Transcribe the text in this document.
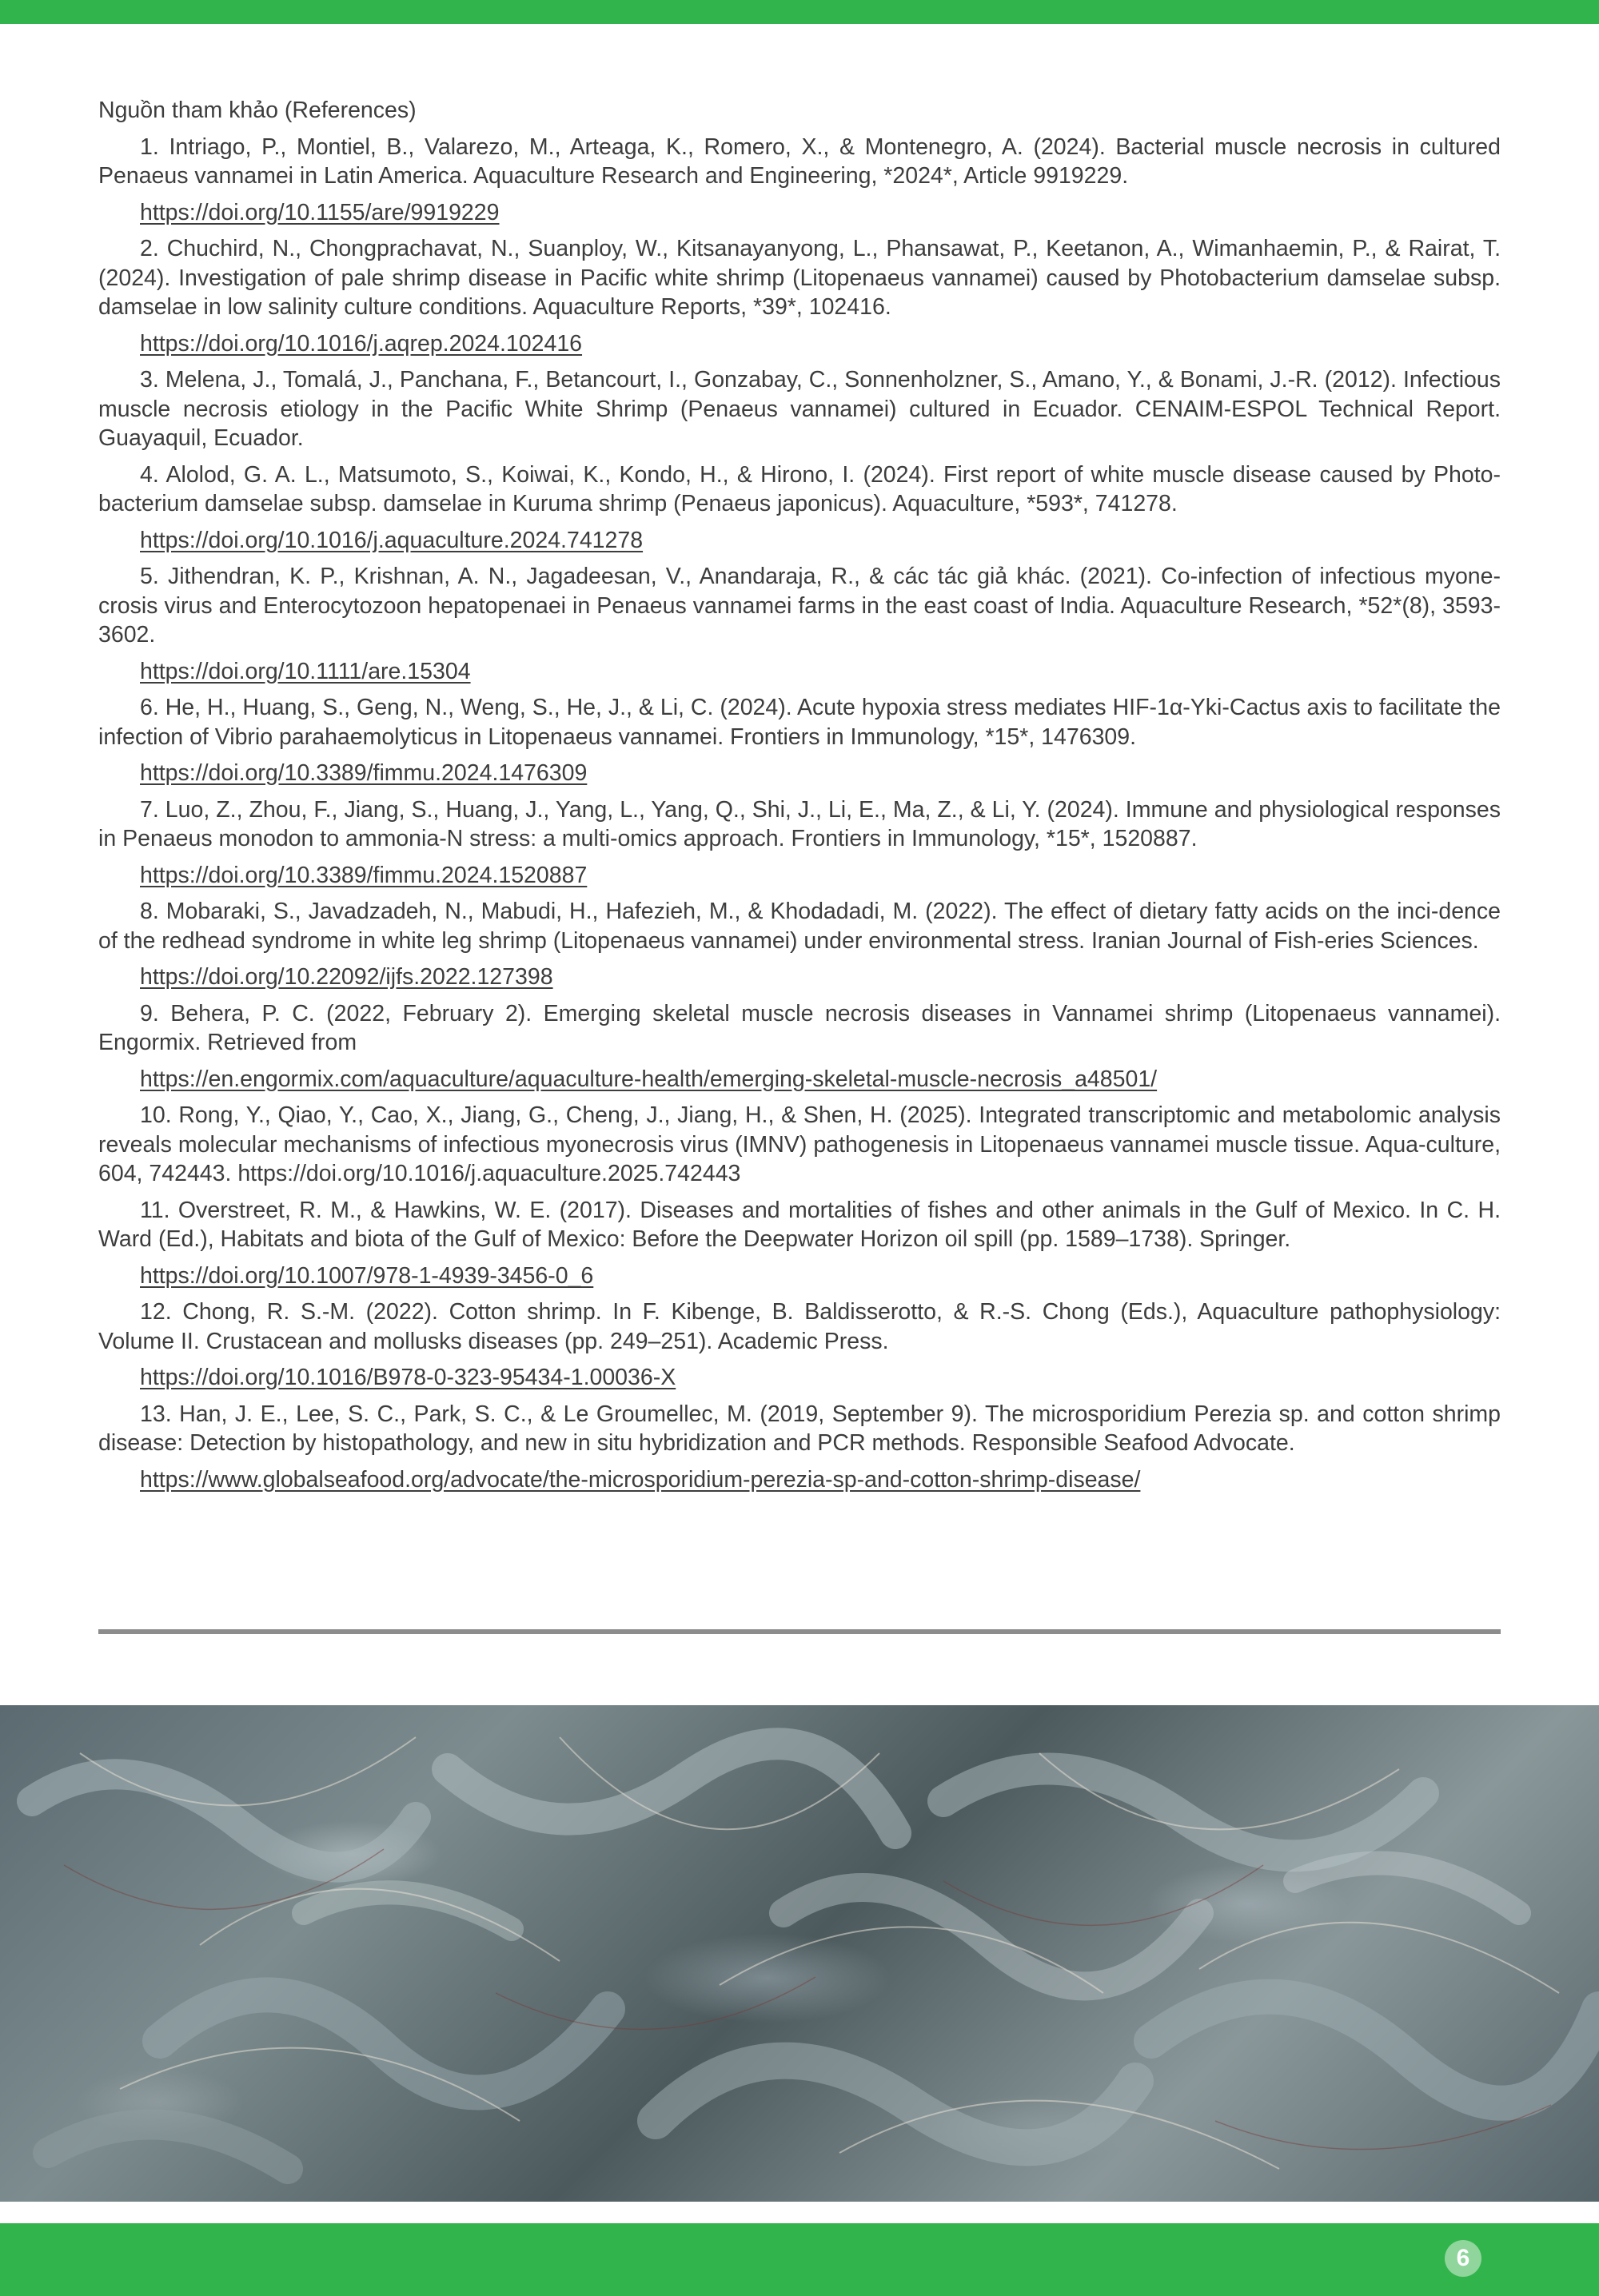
Nguồn tham khảo (References)

1. Intriago, P., Montiel, B., Valarezo, M., Arteaga, K., Romero, X., & Montenegro, A. (2024). Bacterial muscle necrosis in cultured Penaeus vannamei in Latin America. Aquaculture Research and Engineering, *2024*, Article 9919229.

https://doi.org/10.1155/are/9919229

2. Chuchird, N., Chongprachavat, N., Suanploy, W., Kitsanayanyong, L., Phansawat, P., Keetanon, A., Wimanhaemin, P., & Rairat, T. (2024). Investigation of pale shrimp disease in Pacific white shrimp (Litopenaeus vannamei) caused by Photobacterium damselae subsp. damselae in low salinity culture conditions. Aquaculture Reports, *39*, 102416.

https://doi.org/10.1016/j.aqrep.2024.102416

3. Melena, J., Tomalá, J., Panchana, F., Betancourt, I., Gonzabay, C., Sonnenholzner, S., Amano, Y., & Bonami, J.-R. (2012). Infectious muscle necrosis etiology in the Pacific White Shrimp (Penaeus vannamei) cultured in Ecuador. CENAIM-ESPOL Technical Report. Guayaquil, Ecuador.

4. Alolod, G. A. L., Matsumoto, S., Koiwai, K., Kondo, H., & Hirono, I. (2024). First report of white muscle disease caused by Photo-bacterium damselae subsp. damselae in Kuruma shrimp (Penaeus japonicus). Aquaculture, *593*, 741278.

https://doi.org/10.1016/j.aquaculture.2024.741278

5. Jithendran, K. P., Krishnan, A. N., Jagadeesan, V., Anandaraja, R., & các tác giả khác. (2021). Co-infection of infectious myone-crosis virus and Enterocytozoon hepatopenaei in Penaeus vannamei farms in the east coast of India. Aquaculture Research, *52*(8), 3593-3602.

https://doi.org/10.1111/are.15304

6. He, H., Huang, S., Geng, N., Weng, S., He, J., & Li, C. (2024). Acute hypoxia stress mediates HIF-1α-Yki-Cactus axis to facilitate the infection of Vibrio parahaemolyticus in Litopenaeus vannamei. Frontiers in Immunology, *15*, 1476309.

https://doi.org/10.3389/fimmu.2024.1476309

7. Luo, Z., Zhou, F., Jiang, S., Huang, J., Yang, L., Yang, Q., Shi, J., Li, E., Ma, Z., & Li, Y. (2024). Immune and physiological responses in Penaeus monodon to ammonia-N stress: a multi-omics approach. Frontiers in Immunology, *15*, 1520887.

https://doi.org/10.3389/fimmu.2024.1520887

8. Mobaraki, S., Javadzadeh, N., Mabudi, H., Hafezieh, M., & Khodadadi, M. (2022). The effect of dietary fatty acids on the inci-dence of the redhead syndrome in white leg shrimp (Litopenaeus vannamei) under environmental stress. Iranian Journal of Fish-eries Sciences.

https://doi.org/10.22092/ijfs.2022.127398

9. Behera, P. C. (2022, February 2). Emerging skeletal muscle necrosis diseases in Vannamei shrimp (Litopenaeus vannamei). Engormix. Retrieved from

https://en.engormix.com/aquaculture/aquaculture-health/emerging-skeletal-muscle-necrosis_a48501/

10. Rong, Y., Qiao, Y., Cao, X., Jiang, G., Cheng, J., Jiang, H., & Shen, H. (2025). Integrated transcriptomic and metabolomic analysis reveals molecular mechanisms of infectious myonecrosis virus (IMNV) pathogenesis in Litopenaeus vannamei muscle tissue. Aqua-culture, 604, 742443. https://doi.org/10.1016/j.aquaculture.2025.742443

11. Overstreet, R. M., & Hawkins, W. E. (2017). Diseases and mortalities of fishes and other animals in the Gulf of Mexico. In C. H. Ward (Ed.), Habitats and biota of the Gulf of Mexico: Before the Deepwater Horizon oil spill (pp. 1589–1738). Springer.

https://doi.org/10.1007/978-1-4939-3456-0_6

12. Chong, R. S.-M. (2022). Cotton shrimp. In F. Kibenge, B. Baldisserotto, & R.-S. Chong (Eds.), Aquaculture pathophysiology: Volume II. Crustacean and mollusks diseases (pp. 249–251). Academic Press.

https://doi.org/10.1016/B978-0-323-95434-1.00036-X

13. Han, J. E., Lee, S. C., Park, S. C., & Le Groumellec, M. (2019, September 9). The microsporidium Perezia sp. and cotton shrimp disease: Detection by histopathology, and new in situ hybridization and PCR methods. Responsible Seafood Advocate.

https://www.globalseafood.org/advocate/the-microsporidium-perezia-sp-and-cotton-shrimp-disease/
6
